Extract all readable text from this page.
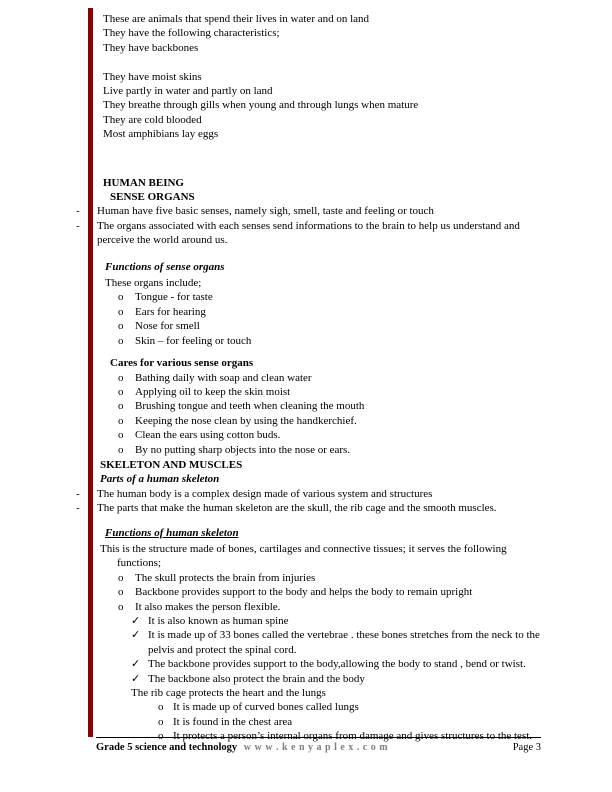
These are animals that spend their lives in water and on land
They have the following characteristics;
They have backbones
They have moist skins
Live partly in water and partly on land
They breathe through gills when young and through lungs when mature
They are cold blooded
Most amphibians lay eggs
HUMAN BEING
SENSE ORGANS
-	Human have five basic senses, namely sigh, smell, taste and feeling or touch
-	The organs associated with each senses send informations to the brain to help us understand and perceive the world around us.
Functions of sense organs
These organs include;
o	Tongue - for taste
o	Ears for hearing
o	Nose for smell
o	Skin – for feeling or touch
Cares for various sense organs
o	Bathing daily with soap and clean water
o	Applying oil to keep the skin moist
o	Brushing tongue and teeth when cleaning the mouth
o	Keeping the nose clean by using the handkerchief.
o	Clean the ears using cotton buds.
o	By no putting sharp objects into the nose or ears.
SKELETON AND MUSCLES
Parts of a human skeleton
-	The human body is a complex design made of various system and structures
-	The parts that make the human skeleton are the skull, the rib cage and the smooth muscles.
Functions of human skeleton
This is the structure made of bones, cartilages and connective tissues; it serves the following functions;
o	The skull protects the brain from injuries
o	Backbone provides support to the body and helps the body to remain upright
o	It also makes the person flexible.
✓ It is also known as human spine
✓ It is made up of 33 bones called the vertebrae . these bones stretches from the neck to the pelvis and protect the spinal cord.
✓ The backbone provides support to the body,allowing the body to stand , bend or twist.
✓ The backbone also protect the brain and the body
The rib cage protects the heart and the lungs
o It is made up of curved bones called lungs
o It is found in the chest area
o It protects a person’s internal organs from damage and gives structures to the test.
Grade 5 science and technology w w w . k e n y a p l e x . c o m	Page 3
